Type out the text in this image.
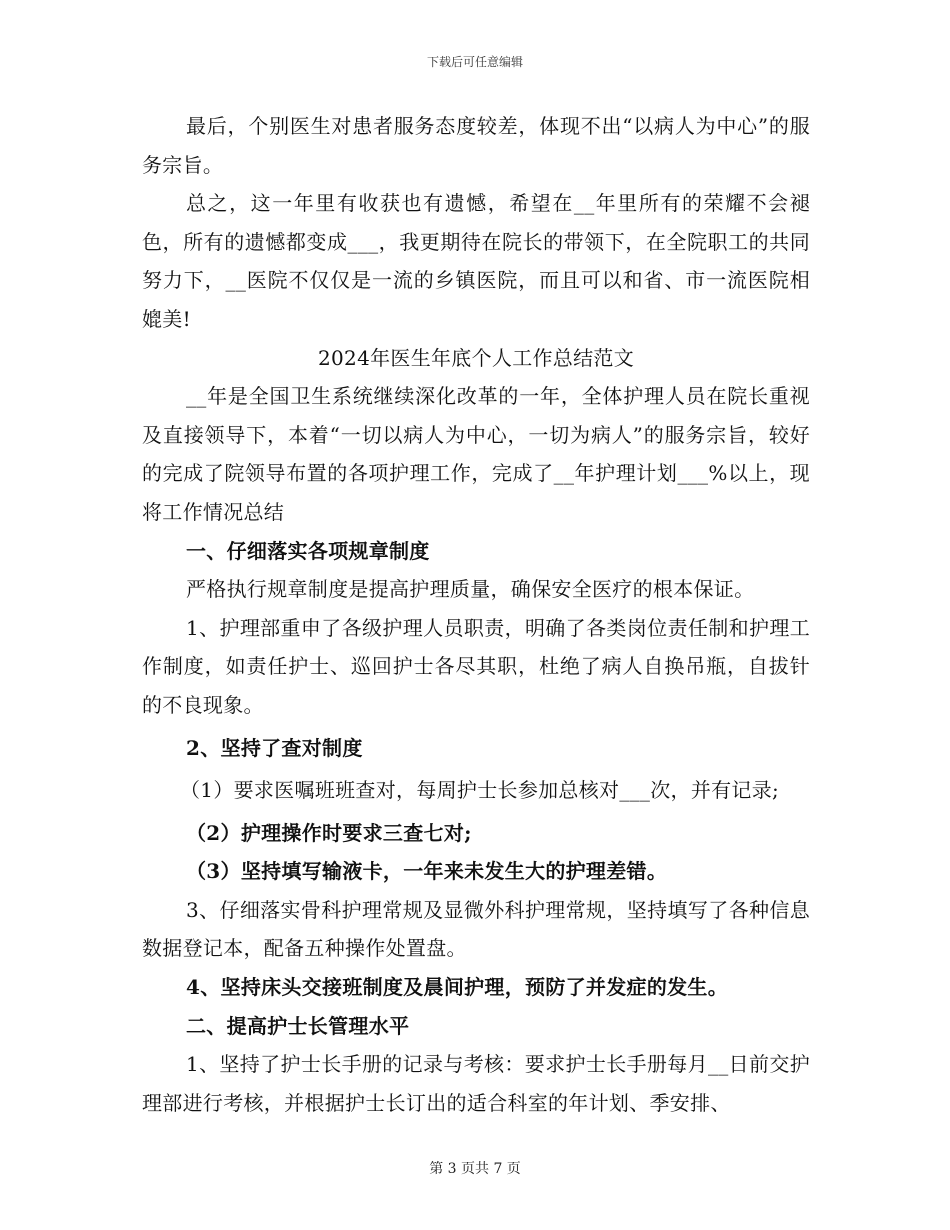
下载后可任意编辑

最后，个别医生对患者服务态度较差，体现不出“以病人为中心”的服务宗旨。

总之，这一年里有收获也有遗憾，希望在__年里所有的荣耀不会褪色，所有的遗憾都变成___，我更期待在院长的带领下，在全院职工的共同努力下，__医院不仅仅是一流的乡镇医院，而且可以和省、市一流医院相媲美!

2024年医生年底个人工作总结范文

__年是全国卫生系统继续深化改革的一年，全体护理人员在院长重视及直接领导下，本着“一切以病人为中心，一切为病人”的服务宗旨，较好的完成了院领导布置的各项护理工作，完成了__年护理计划___%以上，现将工作情况总结

一、仔细落实各项规章制度

严格执行规章制度是提高护理质量，确保安全医疗的根本保证。

1、护理部重申了各级护理人员职责，明确了各类岗位责任制和护理工作制度，如责任护士、巡回护士各尽其职，杜绝了病人自换吊瓶，自拔针的不良现象。

2、坚持了查对制度

（1）要求医嘱班班查对，每周护士长参加总核对___次，并有记录;

（2）护理操作时要求三查七对;

（3）坚持填写输液卡，一年来未发生大的护理差错。

3、仔细落实骨科护理常规及显微外科护理常规，坚持填写了各种信息数据登记本，配备五种操作处置盘。

4、坚持床头交接班制度及晨间护理，预防了并发症的发生。

二、提高护士长管理水平

1、坚持了护士长手册的记录与考核：要求护士长手册每月__日前交护理部进行考核，并根据护士长订出的适合科室的年计划、季安排、

第 3 页共 7 页
